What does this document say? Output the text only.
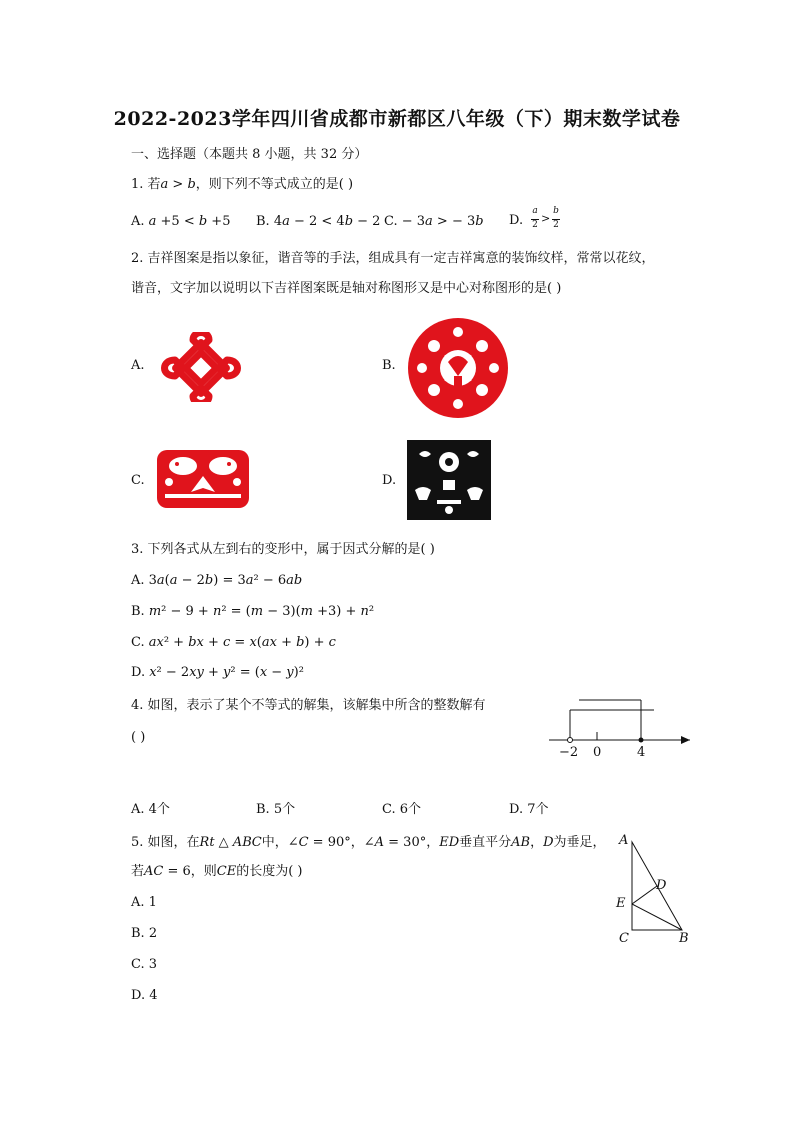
2022-2023学年四川省成都市新都区八年级（下）期末数学试卷
一、选择题（本题共 8 小题，共 32 分）
1. 若𝑎 > 𝑏，则下列不等式成立的是( )
A. 𝑎 +5 < 𝑏 +5 B. 4𝑎 − 2 < 4𝑏 − 2 C. − 3𝑎 > − 3𝑏 D.
𝑎
2 >
𝑏
2
2. 吉祥图案是指以象征，谐音等的手法，组成具有一定吉祥寓意的装饰纹样，常常以花纹，
谐音，文字加以说明以下吉祥图案既是轴对称图形又是中心对称图形的是( )
A.	B.
C.	D.
3. 下列各式从左到右的变形中，属于因式分解的是( )
A. 3𝑎(𝑎 − 2𝑏) = 3𝑎² − 6𝑎𝑏
B. 𝑚² − 9 + 𝑛² = (𝑚 − 3)(𝑚 +3) + 𝑛²
C. 𝑎𝑥² + 𝑏𝑥 + 𝑐 = 𝑥(𝑎𝑥 + 𝑏) + 𝑐
D. 𝑥² − 2𝑥𝑦 + 𝑦² = (𝑥 − 𝑦)²
4. 如图，表示了某个不等式的解集，该解集中所含的整数解有
( )
−2 0	4
A. 4个	B. 5个	C. 6个	D. 7个
5. 如图，在𝑅𝑡 △ 𝐴𝐵𝐶中，∠𝐶 = 90°，∠𝐴 = 30°，𝐸𝐷垂直平分𝐴𝐵，𝐷为垂足，
若𝐴𝐶 = 6，则𝐶𝐸的长度为( )
A. 1
B. 2
C. 3
D. 4
A
D
E
C	B
